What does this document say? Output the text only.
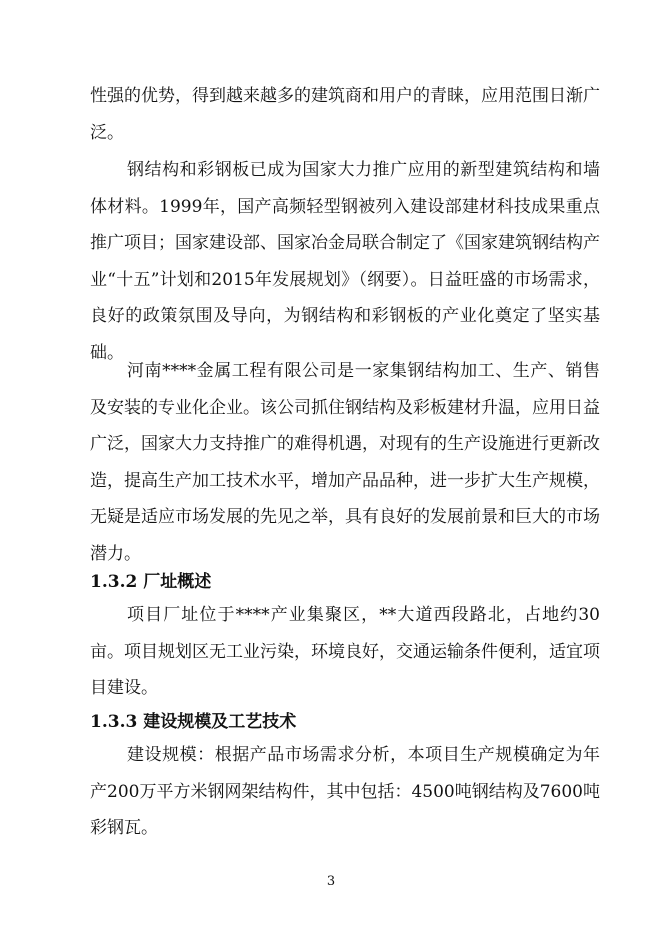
性强的优势，得到越来越多的建筑商和用户的青睐，应用范围日渐广泛。

钢结构和彩钢板已成为国家大力推广应用的新型建筑结构和墙体材料。1999年，国产高频轻型钢被列入建设部建材科技成果重点推广项目；国家建设部、国家冶金局联合制定了《国家建筑钢结构产业“十五”计划和2015年发展规划》（纲要）。日益旺盛的市场需求，良好的政策氛围及导向，为钢结构和彩钢板的产业化奠定了坚实基础。

河南****金属工程有限公司是一家集钢结构加工、生产、销售及安装的专业化企业。该公司抓住钢结构及彩板建材升温，应用日益广泛，国家大力支持推广的难得机遇，对现有的生产设施进行更新改造，提高生产加工技术水平，增加产品品种，进一步扩大生产规模，无疑是适应市场发展的先见之举，具有良好的发展前景和巨大的市场潜力。

1.3.2 厂址概述

项目厂址位于****产业集聚区，**大道西段路北，占地约30亩。项目规划区无工业污染，环境良好，交通运输条件便利，适宜项目建设。

1.3.3 建设规模及工艺技术

建设规模：根据产品市场需求分析，本项目生产规模确定为年产200万平方米钢网架结构件，其中包括：4500吨钢结构及7600吨彩钢瓦。

3
